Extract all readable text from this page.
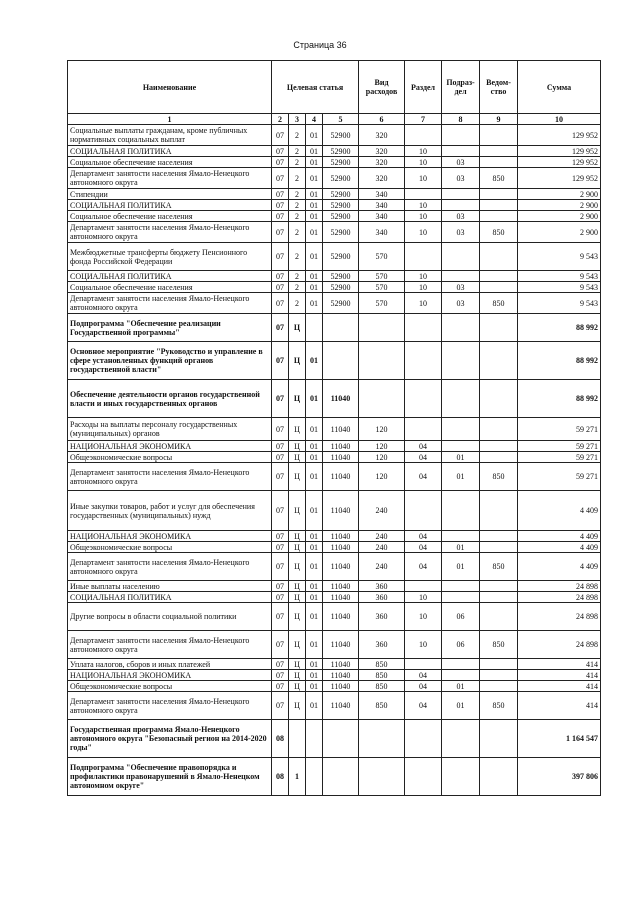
Страница 36
Наименование	Целевая статья				Вид расходов	Раздел	Подраз-дел	Ведом-ство	Сумма
1	2	3	4	5	6	7	8	9	10
Социальные выплаты гражданам, кроме публичных нормативных социальных выплат	07	2	01	52900	320				129 952
СОЦИАЛЬНАЯ ПОЛИТИКА	07	2	01	52900	320	10			129 952
Социальное обеспечение населения	07	2	01	52900	320	10	03		129 952
Департамент занятости населения Ямало-Ненецкого автономного округа	07	2	01	52900	320	10	03	850	129 952
Стипендии	07	2	01	52900	340				2 900
СОЦИАЛЬНАЯ ПОЛИТИКА	07	2	01	52900	340	10			2 900
Социальное обеспечение населения	07	2	01	52900	340	10	03		2 900
Департамент занятости населения Ямало-Ненецкого автономного округа	07	2	01	52900	340	10	03	850	2 900
Межбюджетные трансферты бюджету Пенсионного фонда Российской Федерации	07	2	01	52900	570				9 543
СОЦИАЛЬНАЯ ПОЛИТИКА	07	2	01	52900	570	10			9 543
Социальное обеспечение населения	07	2	01	52900	570	10	03		9 543
Департамент занятости населения Ямало-Ненецкого автономного округа	07	2	01	52900	570	10	03	850	9 543
Подпрограмма "Обеспечение реализации Государственной программы"	07	Ц							88 992
Основное мероприятие "Руководство и управление в сфере установленных функций органов государственной власти"	07	Ц	01						88 992
Обеспечение деятельности органов государственной власти и иных государственных органов	07	Ц	01	11040					88 992
Расходы на выплаты персоналу государственных (муниципальных) органов	07	Ц	01	11040	120				59 271
НАЦИОНАЛЬНАЯ ЭКОНОМИКА	07	Ц	01	11040	120	04			59 271
Общеэкономические вопросы	07	Ц	01	11040	120	04	01		59 271
Департамент занятости населения Ямало-Ненецкого автономного округа	07	Ц	01	11040	120	04	01	850	59 271
Иные закупки товаров, работ и услуг для обеспечения государственных (муниципальных) нужд	07	Ц	01	11040	240				4 409
НАЦИОНАЛЬНАЯ ЭКОНОМИКА	07	Ц	01	11040	240	04			4 409
Общеэкономические вопросы	07	Ц	01	11040	240	04	01		4 409
Департамент занятости населения Ямало-Ненецкого автономного округа	07	Ц	01	11040	240	04	01	850	4 409
Иные выплаты населению	07	Ц	01	11040	360				24 898
СОЦИАЛЬНАЯ ПОЛИТИКА	07	Ц	01	11040	360	10			24 898
Другие вопросы в области социальной политики	07	Ц	01	11040	360	10	06		24 898
Департамент занятости населения Ямало-Ненецкого автономного округа	07	Ц	01	11040	360	10	06	850	24 898
Уплата налогов, сборов и иных платежей	07	Ц	01	11040	850				414
НАЦИОНАЛЬНАЯ ЭКОНОМИКА	07	Ц	01	11040	850	04			414
Общеэкономические вопросы	07	Ц	01	11040	850	04	01		414
Департамент занятости населения Ямало-Ненецкого автономного округа	07	Ц	01	11040	850	04	01	850	414
Государственная программа Ямало-Ненецкого автономного округа "Безопасный регион на 2014-2020 годы"	08								1 164 547
Подпрограмма "Обеспечение правопорядка и профилактики правонарушений в Ямало-Ненецком автономном округе"	08	1							397 806
